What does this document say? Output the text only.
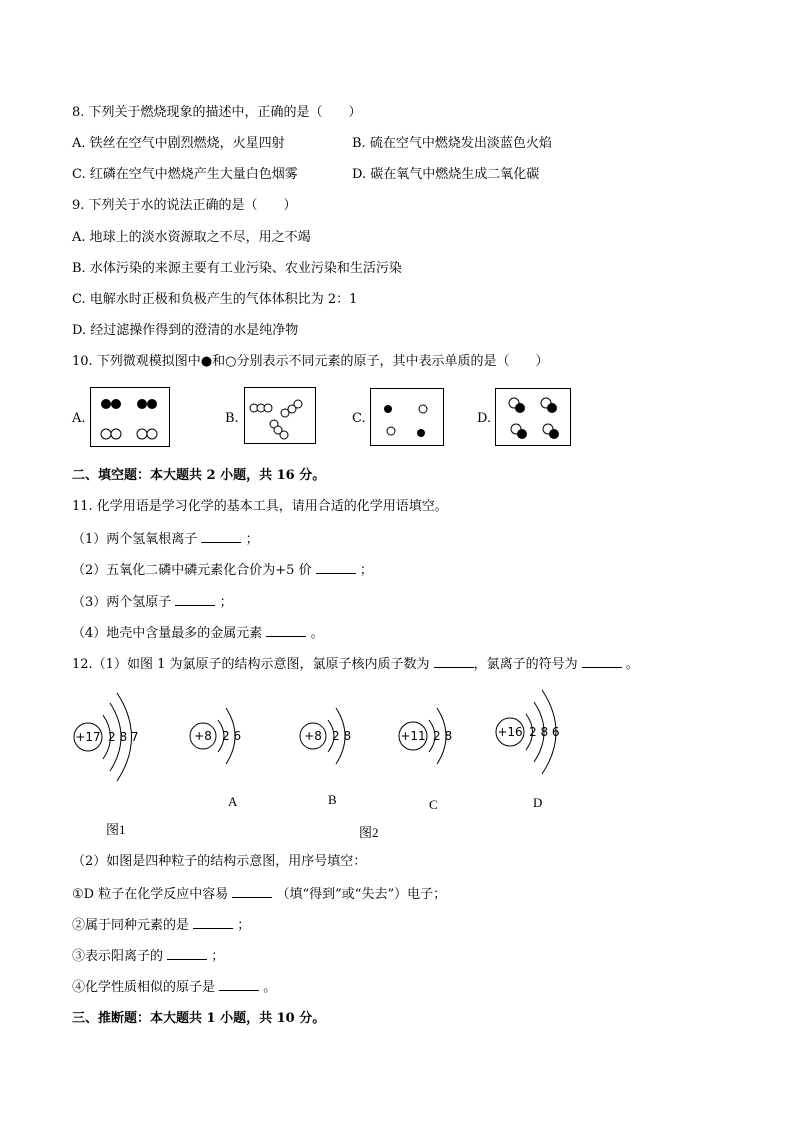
8. 下列关于燃烧现象的描述中，正确的是（　　）
A. 铁丝在空气中剧烈燃烧，火星四射	B. 硫在空气中燃烧发出淡蓝色火焰
C. 红磷在空气中燃烧产生大量白色烟雾	D. 碳在氧气中燃烧生成二氧化碳
9. 下列关于水的说法正确的是（　　）
A. 地球上的淡水资源取之不尽，用之不竭
B. 水体污染的来源主要有工业污染、农业污染和生活污染
C. 电解水时正极和负极产生的气体体积比为 2：1
D. 经过滤操作得到的澄清的水是纯净物
10. 下列微观模拟图中●和○分别表示不同元素的原子，其中表示单质的是（　　）
A.	B.	C.	D.
二、填空题：本大题共 2 小题，共 16 分。
11. 化学用语是学习化学的基本工具，请用合适的化学用语填空。
（1）两个氢氧根离子	；
（2）五氧化二磷中磷元素化合价为+5 价	；
（3）两个氢原子	；
（4）地壳中含量最多的金属元素	。
12.（1）如图 1 为氯原子的结构示意图，氯原子核内质子数为	，氯离子的符号为	。
+17 2 8 7	+8 2 6	+8 2 8	+11 2 8	+16 2 8 6
A	B	C	D
图1	图2
（2）如图是四种粒子的结构示意图，用序号填空：
①D 粒子在化学反应中容易	（填“得到”或“失去”）电子；
②属于同种元素的是	；
③表示阳离子的	；
④化学性质相似的原子是	。
三、推断题：本大题共 1 小题，共 10 分。
